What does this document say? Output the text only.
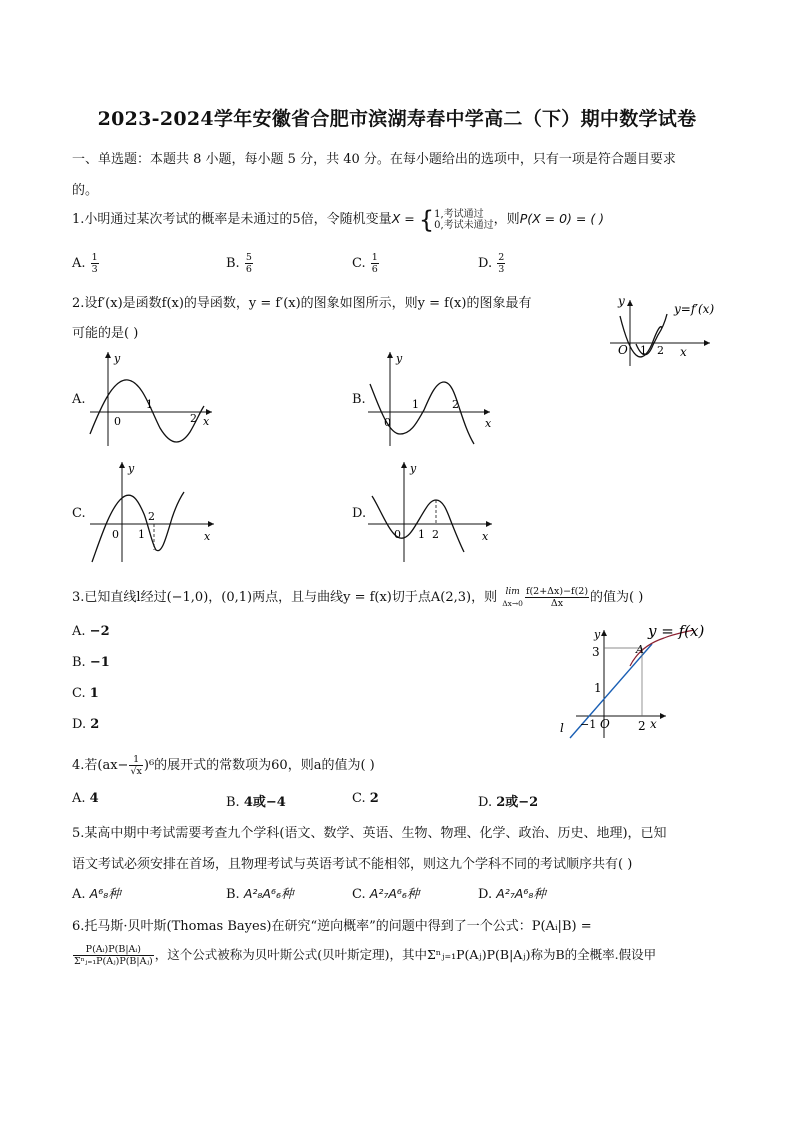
2023-2024学年安徽省合肥市滨湖寿春中学高二（下）期中数学试卷
一、单选题：本题共 8 小题，每小题 5 分，共 40 分。在每小题给出的选项中，只有一项是符合题目要求
的。
1.小明通过某次考试的概率是未通过的5倍，令随机变量X = { 1,考试通过
0,考试未通过 ，则P(X = 0) = ( )
A. $\frac{1}{3}$	B. $\frac{5}{6}$	C. $\frac{1}{6}$	D. $\frac{2}{3}$
2.设f′(x)是函数f(x)的导函数，y = f′(x)的图象如图所示，则y = f(x)的图象最有
可能的是( )
y
y=f′(x)
O 1 2 x
A.
y
0
1
2 x
B.
y
0
1	2
x
C.
y
0 1
2
x
D.
y
0 1 2	x
3.已知直线l经过(−1,0)，(0,1)两点，且与曲线y = f(x)切于点A(2,3)，则 lim
$\Delta x\to 0 \frac{f(2+\Delta x)-f(2)}{\Delta x}$ 的值为( )
A. −2
B. −1
C. 1
D. 2
y	y = f(x)
3	A
1
−1 O 2 x
l
4.若$(ax- \frac{1}{√x} )^6$的展开式的常数项为60，则a的值为( )
A. 4	B. 4或−4	C. 2	D. 2或−2
5.某高中期中考试需要考查九个学科(语文、数学、英语、生物、物理、化学、政治、历史、地理)，已知
语文考试必须安排在首场，且物理考试与英语考试不能相邻，则这九个学科不同的考试顺序共有( )
A. A⁶₈种	B. A²₈A⁶₆种	C. A²₇A⁶₆种	D. A²₇A⁶₈种
6.托马斯·贝叶斯(Thomas Bayes)在研究“逆向概率”的问题中得到了一个公式：P(Aᵢ|B) =
$\frac{\text{P(Aᵢ)P(B|Aᵢ)}}{\text{Σⁿⱼ₌₁P(Aⱼ)P(B|Aⱼ)}}$ ，这个公式被称为贝叶斯公式(贝叶斯定理)，其中Σⁿⱼ₌₁P(Aⱼ)P(B|Aⱼ)称为B的全概率.假设甲
